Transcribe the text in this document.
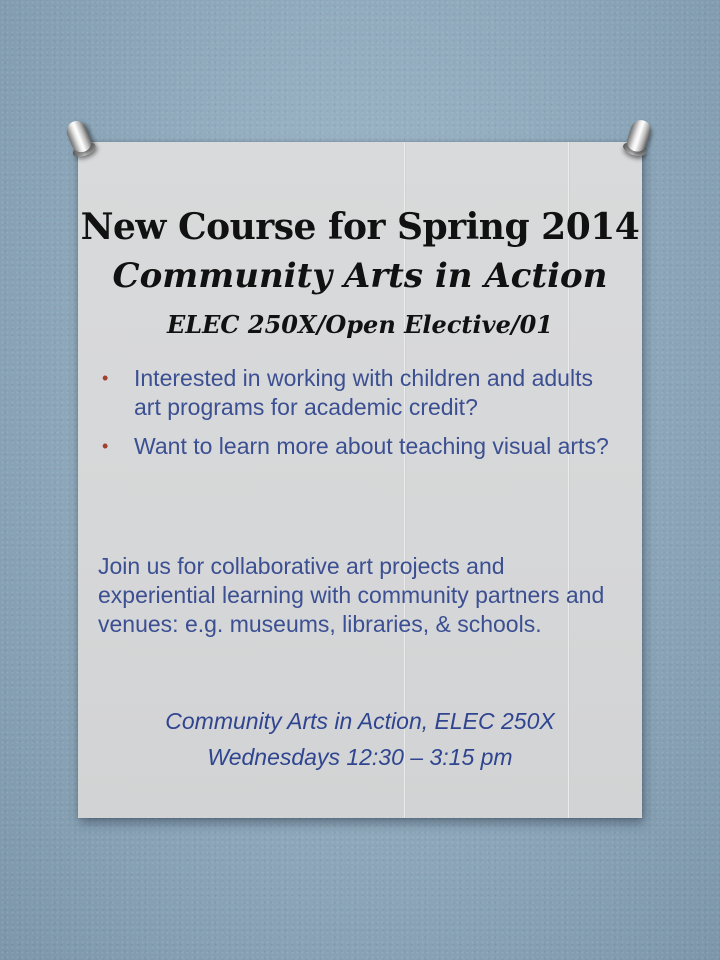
New Course for Spring 2014
Community Arts in Action
ELEC 250X/Open Elective/01
• Interested in working with children and adults art programs for academic credit?
• Want to learn more about teaching visual arts?

Join us for collaborative art projects and experiential learning with community partners and venues: e.g. museums, libraries, & schools.

Community Arts in Action, ELEC 250X

Wednesdays 12:30 – 3:15 pm
